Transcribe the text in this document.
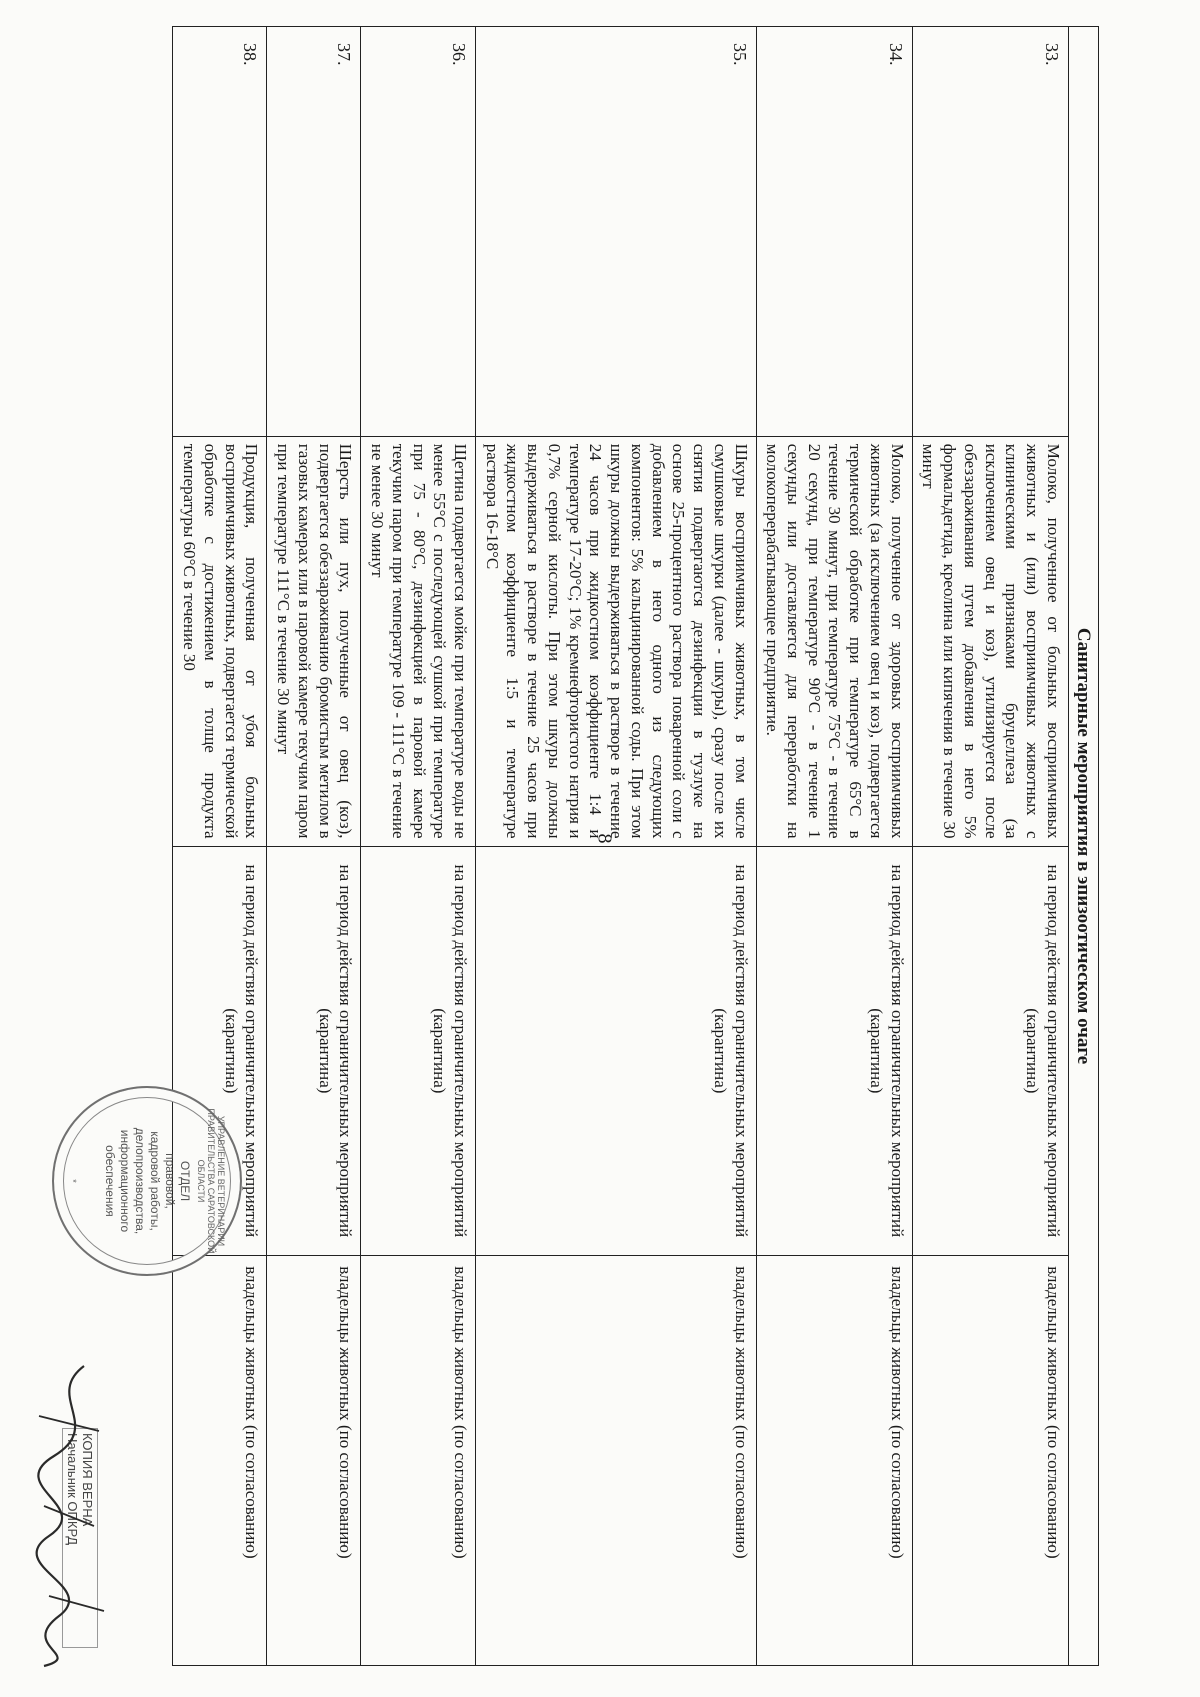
8	Санитарные мероприятия в эпизоотическом очаге			
33.	Молоко, полученное от больных восприимчивых животных и (или) восприимчивых животных с клиническими признаками бруцеллеза (за исключением овец и коз), утилизируется после обеззараживания путем добавления в него 5% формальдегида, креолина или кипячения в течение 30 минут	на период действия ограничительных мероприятий (карантина)	владельцы животных (по согласованию)
34.	Молоко, полученное от здоровых восприимчивых животных (за исключением овец и коз), подвергается термической обработке при температуре 65°С в течение 30 минут, при температуре 75°С - в течение 20 секунд, при температуре 90°С - в течение 1 секунды или доставляется для переработки на молокоперерабатывающее предприятие.	на период действия ограничительных мероприятий (карантина)	владельцы животных (по согласованию)
35.	Шкуры восприимчивых животных, в том числе смушковые шкурки (далее - шкуры), сразу после их снятия подвергаются дезинфекции в тузлуке на основе 25-процентного раствора поваренной соли с добавлением в него одного из следующих компонентов: 5% кальцинированной соды. При этом шкуры должны выдерживаться в растворе в течение 24 часов при жидкостном коэффициенте 1:4 и температуре 17-20°С; 1% кремнефтористого натрия и 0,7% серной кислоты. При этом шкуры должны выдерживаться в растворе в течение 25 часов при жидкостном коэффициенте 1:5 и температуре раствора 16-18°С	на период действия ограничительных мероприятий (карантина)	владельцы животных (по согласованию)
36.	Щетина подвергается мойке при температуре воды не менее 55°С с последующей сушкой при температуре при 75 - 80°С, дезинфекцией в паровой камере текучим паром при температуре 109 - 111°С в течение не менее 30 минут	на период действия ограничительных мероприятий (карантина)	владельцы животных (по согласованию)
37.	Шерсть или пух, полученные от овец (коз), подвергается обеззараживанию бромистым метилом в газовых камерах или в паровой камере текучим паром при температуре 111°С в течение 30 минут	на период действия ограничительных мероприятий (карантина)	владельцы животных (по согласованию)
38.	Продукция, полученная от убоя больных восприимчивых животных, подвергается термической обработке с достижением в толще продукта температуры 60°С в течение 30	на период действия ограничительных мероприятий (карантина)	владельцы животных (по согласованию)
УПРАВЛЕНИЕ ВЕТЕРИНАРИИ ПРАВИТЕЛЬСТВА САРАТОВСКОЙ ОБЛАСТИ
ОТДЕЛ
правовой,
кадровой работы,
делопроизводства,
информационного
обеспечения
*
КОПИЯ ВЕРНА
Начальник ОПКРД
